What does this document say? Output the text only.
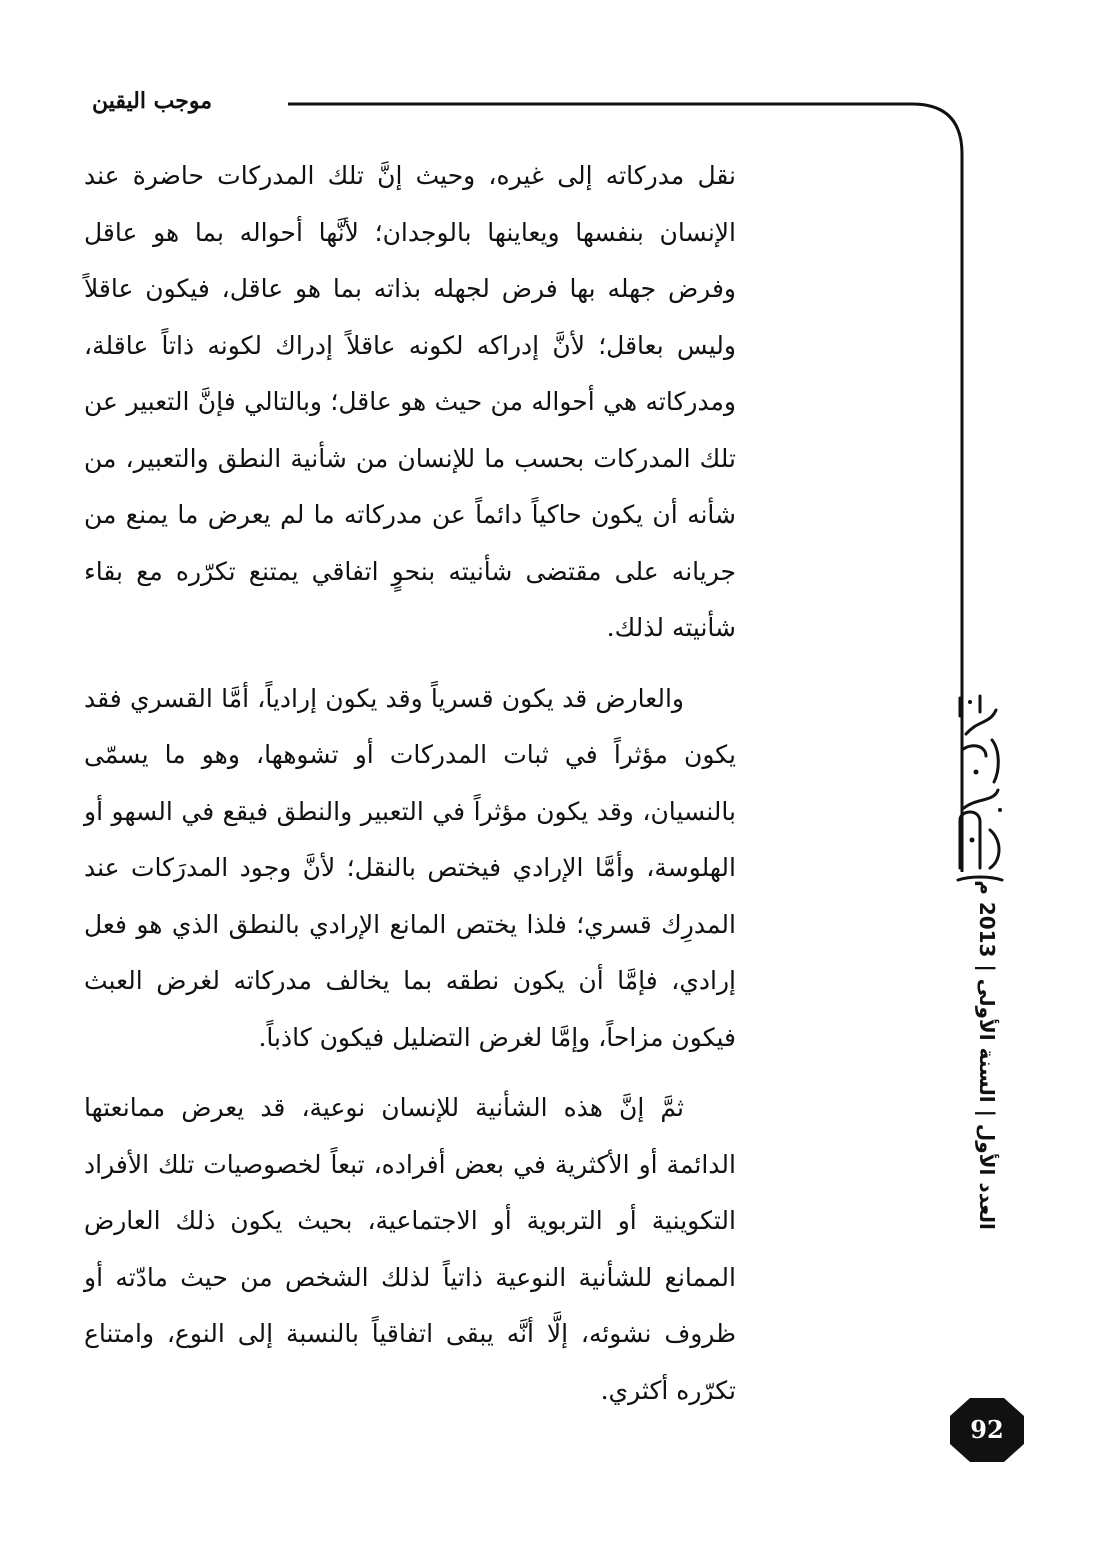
موجب اليقين

نقل مدركاته إلى غيره، وحيث إنَّ تلك المدركات حاضرة عند الإنسان بنفسها ويعاينها بالوجدان؛ لأنَّها أحواله بما هو عاقل وفرض جهله بها فرض لجهله بذاته بما هو عاقل، فيكون عاقلاً وليس بعاقل؛ لأنَّ إدراكه لكونه عاقلاً إدراك لكونه ذاتاً عاقلة، ومدركاته هي أحواله من حيث هو عاقل؛ وبالتالي فإنَّ التعبير عن تلك المدركات بحسب ما للإنسان من شأنية النطق والتعبير، من شأنه أن يكون حاكياً دائماً عن مدركاته ما لم يعرض ما يمنع من جريانه على مقتضى شأنيته بنحوٍ اتفاقي يمتنع تكرّره مع بقاء شأنيته لذلك.

والعارض قد يكون قسرياً وقد يكون إرادياً، أمَّا القسري فقد يكون مؤثراً في ثبات المدركات أو تشوهها، وهو ما يسمّى بالنسيان، وقد يكون مؤثراً في التعبير والنطق فيقع في السهو أو الهلوسة، وأمَّا الإرادي فيختص بالنقل؛ لأنَّ وجود المدرَكات عند المدرِك قسري؛ فلذا يختص المانع الإرادي بالنطق الذي هو فعل إرادي، فإمَّا أن يكون نطقه بما يخالف مدركاته لغرض العبث فيكون مزاحاً، وإمَّا لغرض التضليل فيكون كاذباً.

ثمَّ إنَّ هذه الشأنية للإنسان نوعية، قد يعرض ممانعتها الدائمة أو الأكثرية في بعض أفراده، تبعاً لخصوصيات تلك الأفراد التكوينية أو التربوية أو الاجتماعية، بحيث يكون ذلك العارض الممانع للشأنية النوعية ذاتياً لذلك الشخص من حيث مادّته أو ظروف نشوئه، إلَّا أنَّه يبقى اتفاقياً بالنسبة إلى النوع، وامتناع تكرّره أكثري.

العدد الأول | السنة الأولى | 2013 م
92
